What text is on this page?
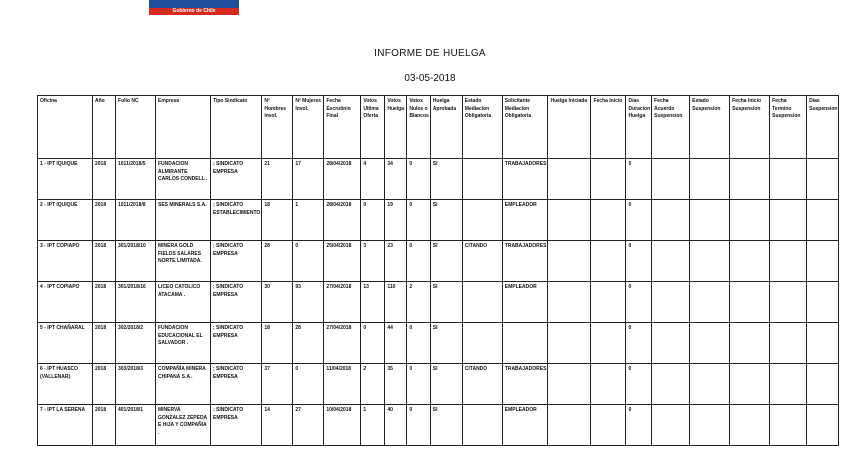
Gobierno de Chile
INFORME DE HUELGA
03-05-2018
Oficina	Año	Folio NC	Empresa	Tipo Sindicato	Nº Hombres Invol.	Nº Mujeres Invol.	Fecha Escrutinio Final	Votos Ultima Oferta	Votos Huelga	Votos Nulos o Blancos	Huelga Aprobada	Estado Mediacion Obligatoria	Solicitante Mediacion Obligatoria	Huelga Iniciada	Fecha Inicio	Días Duracion Huelga	Fecha Acuerdo Suspension	Estado Suspension	Fecha Inicio Suspension	Fecha Termino Suspension	Días Suspension
1 - IPT IQUIQUE	2018	1011/2018/5	FUNDACION ALMIRANTE CARLOS CONDELL .	; SINDICATO EMPRESA	21	17	28/04/2018	4	34	0	SI		TRABAJADORES			0					
2 - IPT IQUIQUE	2018	1011/2018/8	SES MINERALS S.A.	; SINDICATO ESTABLECIMIENTO	18	1	28/04/2018	0	19	0	SI		EMPLEADOR			0					
3 - IPT COPIAPO	2018	301/2018/10	MINERA GOLD FIELDS SALARES NORTE LIMITADA.	; SINDICATO EMPRESA	28	0	25/04/2018	3	23	0	SI	CITANDO	TRABAJADORES			0					
4 - IPT COPIAPO	2018	301/2018/16	LICEO CATOLICO ATACAMA .	; SINDICATO EMPRESA	30	93	27/04/2018	13	110	2	SI		EMPLEADOR			0					
5 - IPT CHAÑARAL	2018	302/2018/2	FUNDACION EDUCACIONAL EL SALVADOR .	; SINDICATO EMPRESA	18	28	27/04/2018	0	44	0	SI					0					
6 - IPT HUASCO (VALLENAR)	2018	303/2018/3	COMPAÑÍA MINERA CHIPANA S.A .	; SINDICATO EMPRESA	37	0	11/04/2018	2	35	0	SI	CITANDO	TRABAJADORES			0					
7 - IPT LA SERENA	2018	401/2018/1	MINERVA GONZALEZ ZEPEDA E HIJA Y COMPAÑIA .	; SINDICATO EMPRESA	14	27	10/04/2018	1	40	0	SI		EMPLEADOR			0					
